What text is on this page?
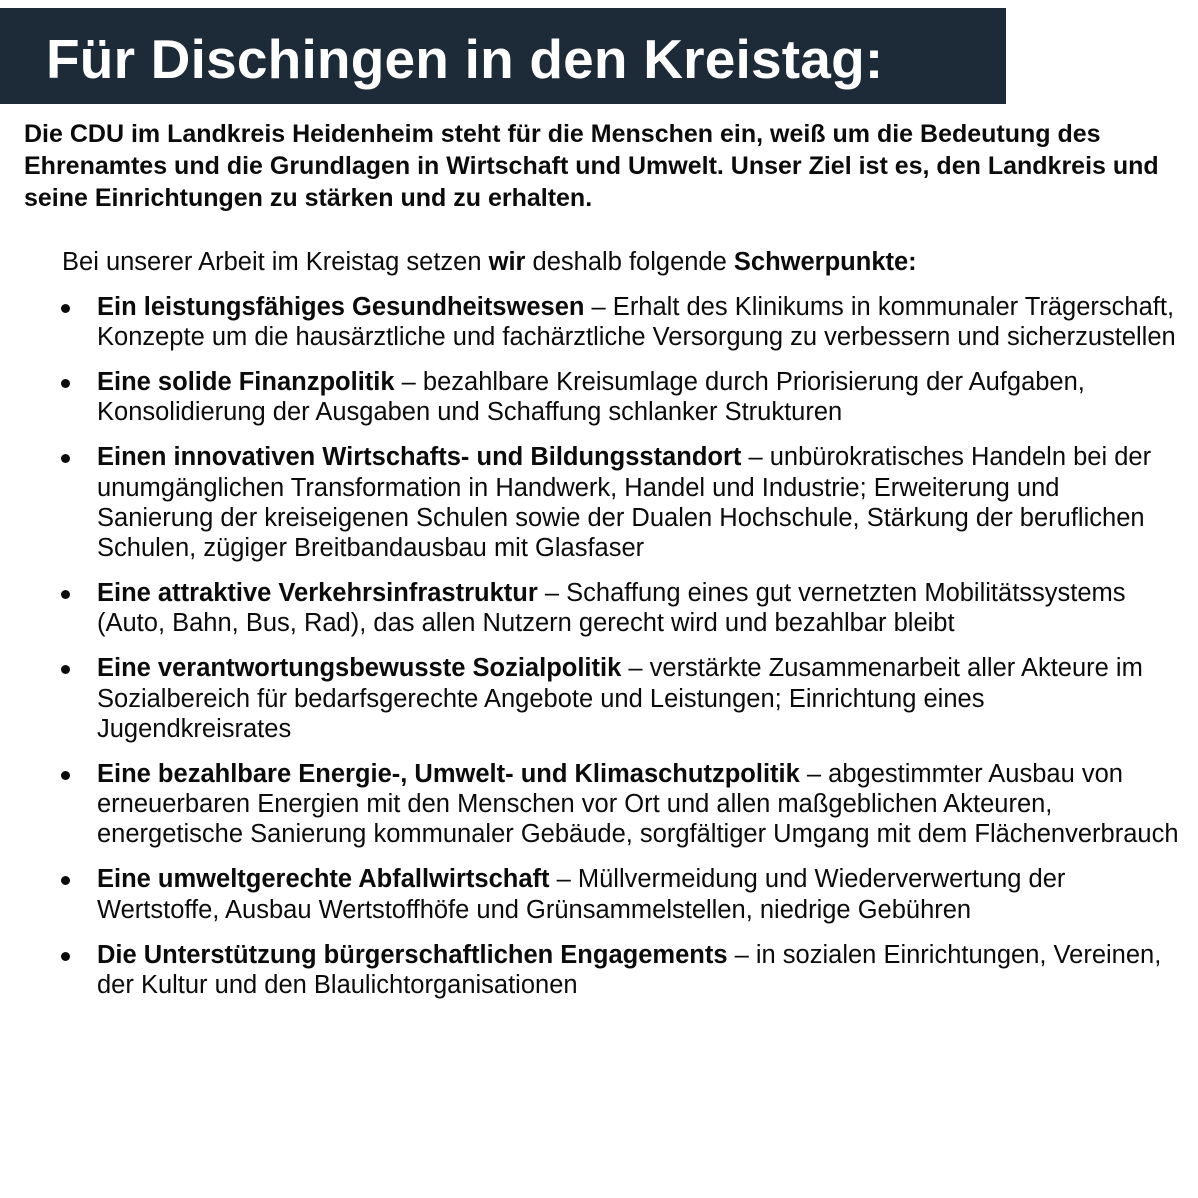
Für Dischingen in den Kreistag:

Die CDU im Landkreis Heidenheim steht für die Menschen ein, weiß um die Bedeutung des Ehrenamtes und die Grundlagen in Wirtschaft und Umwelt. Unser Ziel ist es, den Landkreis und seine Einrichtungen zu stärken und zu erhalten.

Bei unserer Arbeit im Kreistag setzen wir deshalb folgende Schwerpunkte:

Ein leistungsfähiges Gesundheitswesen – Erhalt des Klinikums in kommunaler Trägerschaft, Konzepte um die hausärztliche und fachärztliche Versorgung zu verbessern und sicherzustellen
Eine solide Finanzpolitik – bezahlbare Kreisumlage durch Priorisierung der Aufgaben, Konsolidierung der Ausgaben und Schaffung schlanker Strukturen
Einen innovativen Wirtschafts- und Bildungsstandort – unbürokratisches Handeln bei der unumgänglichen Transformation in Handwerk, Handel und Industrie; Erweiterung und Sanierung der kreiseigenen Schulen sowie der Dualen Hochschule, Stärkung der beruflichen Schulen, zügiger Breitbandausbau mit Glasfaser
Eine attraktive Verkehrsinfrastruktur – Schaffung eines gut vernetzten Mobilitätssystems (Auto, Bahn, Bus, Rad), das allen Nutzern gerecht wird und bezahlbar bleibt
Eine verantwortungsbewusste Sozialpolitik – verstärkte Zusammenarbeit aller Akteure im Sozialbereich für bedarfsgerechte Angebote und Leistungen; Einrichtung eines Jugendkreisrates
Eine bezahlbare Energie-, Umwelt- und Klimaschutzpolitik – abgestimmter Ausbau von erneuerbaren Energien mit den Menschen vor Ort und allen maßgeblichen Akteuren, energetische Sanierung kommunaler Gebäude, sorgfältiger Umgang mit dem Flächenverbrauch
Eine umweltgerechte Abfallwirtschaft – Müllvermeidung und Wiederverwertung der Wertstoffe, Ausbau Wertstoffhöfe und Grünsammelstellen, niedrige Gebühren
Die Unterstützung bürgerschaftlichen Engagements – in sozialen Einrichtungen, Vereinen, der Kultur und den Blaulichtorganisationen
